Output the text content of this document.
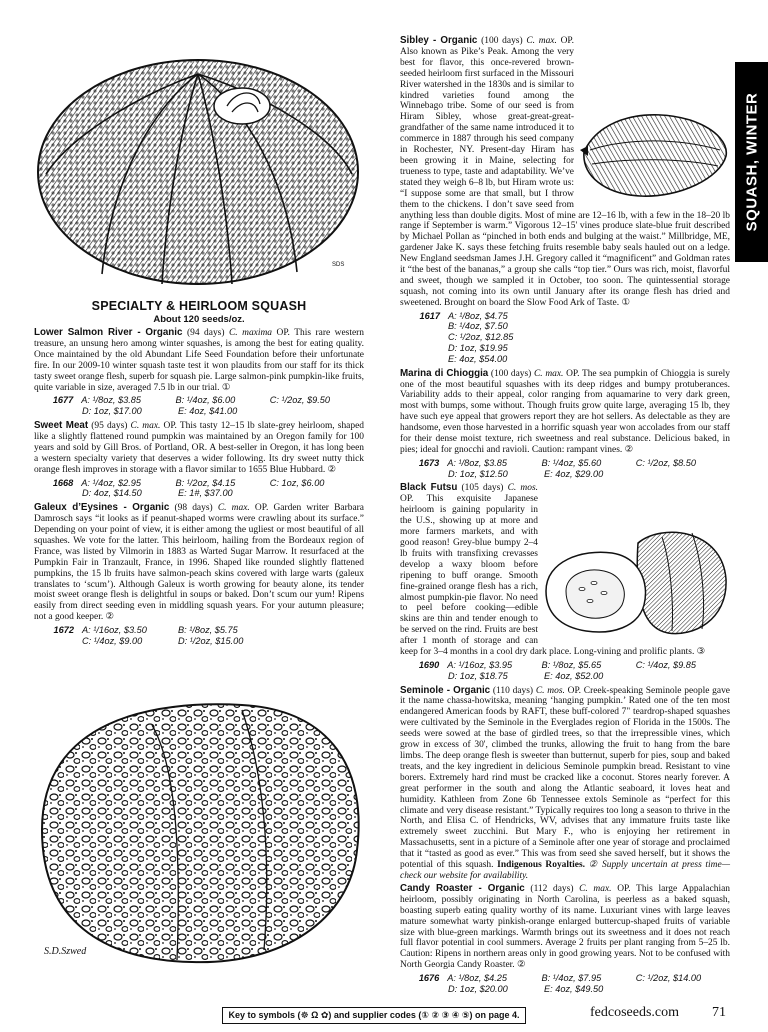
SQUASH, WINTER
SDS
S.D.Szwed
SPECIALTY & HEIRLOOM SQUASH
About 120 seeds/oz.

Lower Salmon River - Organic (94 days) C. maxima OP. This rare western treasure, an unsung hero among winter squashes, is among the best for eating quality. Once maintained by the old Abundant Life Seed Foundation before their unfortunate fire. In our 2009-10 winter squash taste test it won plaudits from our staff for its thick tasty sweet orange flesh, superb for squash pie. Large salmon-pink pumpkin-like fruits, quite variable in size, averaged 7.5 lb in our trial. ①

1677 A: ¹/8oz, $3.85	B: ¹/4oz, $6.00	C: ¹/2oz, $9.50
D: 1oz, $17.00	E: 4oz, $41.00

Sweet Meat (95 days) C. max. OP. This tasty 12–15 lb slate-grey heirloom, shaped like a slightly flattened round pumpkin was maintained by an Oregon family for 100 years and sold by Gill Bros. of Portland, OR. A best-seller in Oregon, it has long been a western specialty variety that deserves a wider following. Its dry sweet nutty thick orange flesh improves in storage with a flavor similar to 1655 Blue Hubbard. ②

1668 A: ¹/4oz, $2.95	B: ¹/2oz, $4.15	C: 1oz, $6.00
D: 4oz, $14.50	E: 1#, $37.00

Galeux d’Eysines - Organic (98 days) C. max. OP. Garden writer Barbara Damrosch says “it looks as if peanut-shaped worms were crawling about its surface.” Depending on your point of view, it is either among the ugliest or most beautiful of all squashes. We vote for the latter. This heirloom, hailing from the Bordeaux region of France, was listed by Vilmorin in 1883 as Warted Sugar Marrow. It resurfaced at the Pumpkin Fair in Tranzault, France, in 1996. Shaped like rounded slightly flattened pumpkins, the 15 lb fruits have salmon-peach skins covered with large warts (galeux translates to ‘scum’). Although Galeux is worth growing for beauty alone, its tender moist sweet orange flesh is delightful in soups or baked. Don’t scum our yum! Ripens easily from direct seeding even in middling squash years. For your autumn pleasure; not a good keeper. ②

1672 A: ¹/16oz, $3.50	B: ¹/8oz, $5.75
C: ¹/4oz, $9.00	D: ¹/2oz, $15.00

Sibley - Organic (100 days) C. max. OP. Also known as Pike’s Peak. Among the very best for flavor, this once-revered brown-seeded heirloom first surfaced in the Missouri River watershed in the 1830s and is similar to kindred varieties found among the Winnebago tribe. Some of our seed is from Hiram Sibley, whose great-great-great-grandfather of the same name introduced it to commerce in 1887 through his seed company in Rochester, NY. Present-day Hiram has been growing it in Maine, selecting for trueness to type, taste and adaptability. We’ve stated they weigh 6–8 lb, but Hiram wrote us: “I suppose some are that small, but I throw them to the chickens. I don’t save seed from anything less than double digits. Most of mine are 12–16 lb, with a few in the 18–20 lb range if September is warm.” Vigorous 12–15' vines produce slate-blue fruit described by Michael Pollan as “pinched in both ends and bulging at the waist.” Millbridge, ME, gardener Jake K. says these fetching fruits resemble baby seals hauled out on a ledge. New England seedsman James J.H. Gregory called it “magnificent” and Goldman rates it “the best of the bananas,” a group she calls “top tier.” Ours was rich, moist, flavorful and sweet, though we sampled it in October, too soon. The quintessential storage squash, not coming into its own until January after its orange flesh has dried and sweetened. Brought on board the Slow Food Ark of Taste. ①

1617 A: ¹/8oz, $4.75
B: ¹/4oz, $7.50
C: ¹/2oz, $12.85
D: 1oz, $19.95
E: 4oz, $54.00

Marina di Chioggia (100 days) C. max. OP. The sea pumpkin of Chioggia is surely one of the most beautiful squashes with its deep ridges and bumpy protuberances. Variability adds to their appeal, color ranging from aquamarine to very dark green, most with bumps, some without. Though fruits grow quite large, averaging 15 lb, they have such eye appeal that growers report they are hot sellers. As delectable as they are handsome, even those harvested in a horrific squash year won accolades from our staff for their dense moist texture, rich sweetness and real substance. Delicious baked, in pies; ideal for gnocchi and ravioli. Caution: rampant vines. ②

1673 A: ¹/8oz, $3.85	B: ¹/4oz, $5.60	C: ¹/2oz, $8.50
D: 1oz, $12.50	E: 4oz, $29.00

Black Futsu (105 days) C. mos. OP. This exquisite Japanese heirloom is gaining popularity in the U.S., showing up at more and more farmers markets, and with good reason! Grey-blue bumpy 2–4 lb fruits with transfixing crevasses develop a waxy bloom before ripening to buff orange. Smooth fine-grained orange flesh has a rich, almost pumpkin-pie flavor. No need to peel before cooking—edible skins are thin and tender enough to be served on the rind. Fruits are best after 1 month of storage and can keep for 3–4 months in a cool dry dark place. Long-vining and prolific plants. ③

1690 A: ¹/16oz, $3.95	B: ¹/8oz, $5.65	C: ¹/4oz, $9.85
D: 1oz, $18.75	E: 4oz, $52.00

Seminole - Organic (110 days) C. mos. OP. Creek-speaking Seminole people gave it the name chassa-howitska, meaning ‘hanging pumpkin.’ Rated one of the ten most endangered American foods by RAFT, these buff-colored 7" teardrop-shaped squashes were cultivated by the Seminole in the Everglades region of Florida in the 1500s. The seeds were sowed at the base of girdled trees, so that the irrepressible vines, which grow in excess of 30', climbed the trunks, allowing the fruit to hang from the bare limbs. The deep orange flesh is sweeter than butternut, superb for pies, soup and baked treats, and the key ingredient in delicious Seminole pumpkin bread. Resistant to vine borers. Extremely hard rind must be cracked like a coconut. Stores nearly forever. A great performer in the south and along the Atlantic seaboard, it loves heat and humidity. Kathleen from Zone 6b Tennessee extols Seminole as “perfect for this climate and very disease resistant.” Typically requires too long a season to thrive in the North, and Elisa C. of Hendricks, WV, advises that any immature fruits taste like extremely sweet zucchini. But Mary F., who is enjoying her retirement in Massachusetts, sent in a picture of a Seminole after one year of storage and proclaimed that it “tasted as good as ever.” This was from seed she saved herself, but it shows the potential of this squash. Indigenous Royalties. ② Supply uncertain at press time—check our website for availability.

Candy Roaster - Organic (112 days) C. max. OP. This large Appalachian heirloom, possibly originating in North Carolina, is peerless as a baked squash, boasting superb eating quality worthy of its name. Luxuriant vines with large leaves mature somewhat warty pinkish-orange enlarged buttercup-shaped fruits of variable size with blue-green markings. Warmth brings out its sweetness and it does not reach full flavor potential in cool summers. Average 2 fruits per plant ranging from 5–25 lb. Caution: Ripens in northern areas only in good growing years. Not to be confused with North Georgia Candy Roaster. ②

1676 A: ¹/8oz, $4.25	B: ¹/4oz, $7.95	C: ¹/2oz, $14.00
D: 1oz, $20.00	E: 4oz, $49.50
Key to symbols (☸ Ω ✿) and supplier codes (① ② ③ ④ ⑤) on page 4.	fedcoseeds.com 71
